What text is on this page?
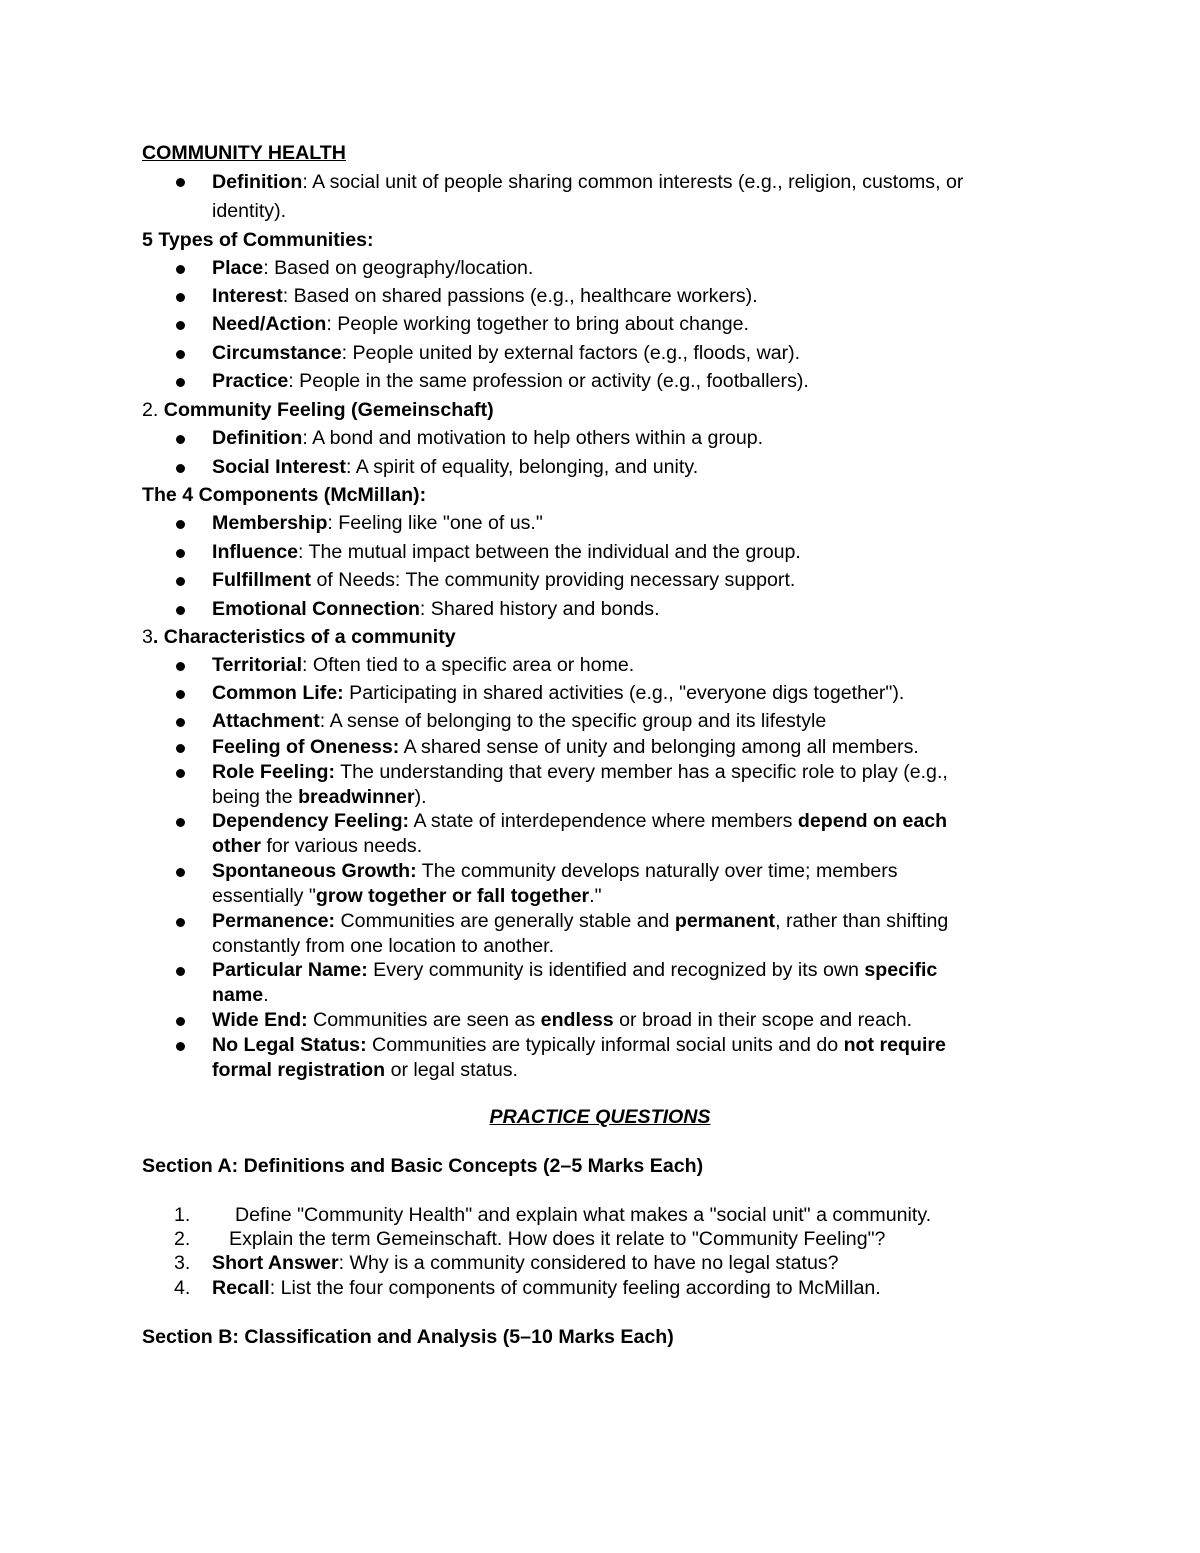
COMMUNITY HEALTH
Definition: A social unit of people sharing common interests (e.g., religion, customs, or
identity).
5 Types of Communities:
Place: Based on geography/location.
Interest: Based on shared passions (e.g., healthcare workers).
Need/Action: People working together to bring about change.
Circumstance: People united by external factors (e.g., floods, war).
Practice: People in the same profession or activity (e.g., footballers).
2. Community Feeling (Gemeinschaft)
Definition: A bond and motivation to help others within a group.
Social Interest: A spirit of equality, belonging, and unity.
The 4 Components (McMillan):
Membership: Feeling like "one of us."
Influence: The mutual impact between the individual and the group.
Fulfillment of Needs: The community providing necessary support.
Emotional Connection: Shared history and bonds.
3. Characteristics of a community
Territorial: Often tied to a specific area or home.
Common Life: Participating in shared activities (e.g., "everyone digs together").
Attachment: A sense of belonging to the specific group and its lifestyle
Feeling of Oneness: A shared sense of unity and belonging among all members.
Role Feeling: The understanding that every member has a specific role to play (e.g.,
being the breadwinner).
Dependency Feeling: A state of interdependence where members depend on each
other for various needs.
Spontaneous Growth: The community develops naturally over time; members
essentially "grow together or fall together."
Permanence: Communities are generally stable and permanent, rather than shifting
constantly from one location to another.
Particular Name: Every community is identified and recognized by its own specific
name.
Wide End: Communities are seen as endless or broad in their scope and reach.
No Legal Status: Communities are typically informal social units and do not require
formal registration or legal status.
PRACTICE QUESTIONS
Section A: Definitions and Basic Concepts (2–5 Marks Each)
1. Define "Community Health" and explain what makes a "social unit" a community.
2. Explain the term Gemeinschaft. How does it relate to "Community Feeling"?
3. Short Answer: Why is a community considered to have no legal status?
4. Recall: List the four components of community feeling according to McMillan.
Section B: Classification and Analysis (5–10 Marks Each)
